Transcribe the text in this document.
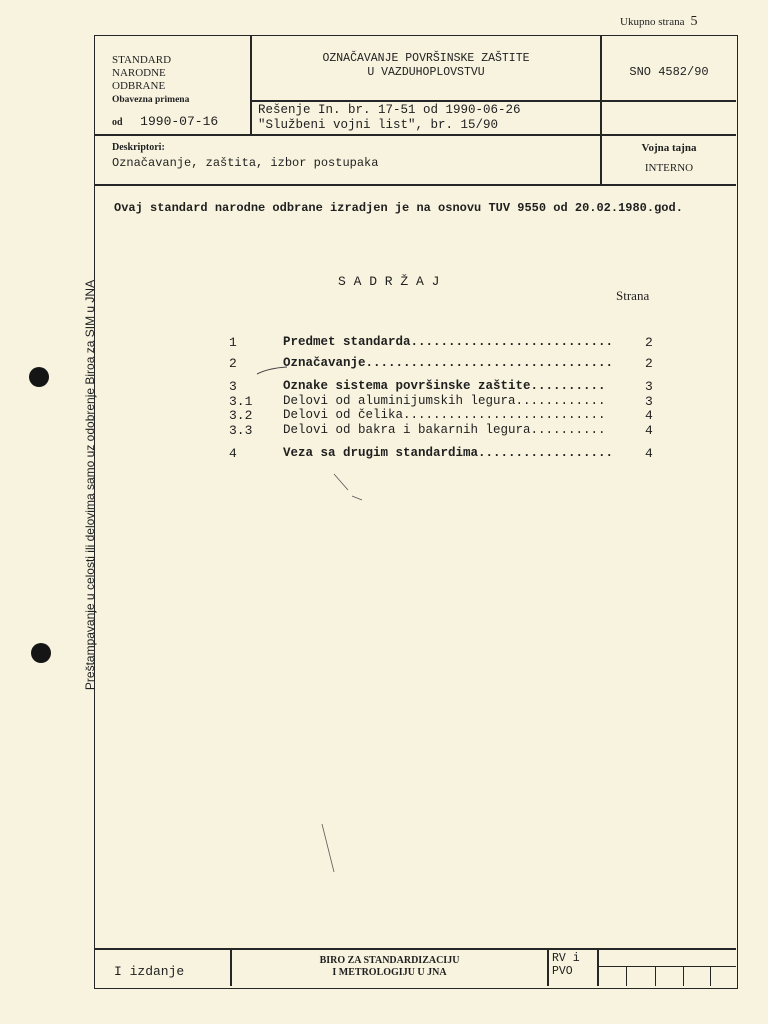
Ukupno strana 5
Preštampavanje u celosti ili delovima samo uz odobrenje Biroa za SIM u JNA
STANDARD
NARODNE
ODBRANE
Obavezna primena
od 1990-07-16
OZNAČAVANJE POVRŠINSKE ZAŠTITE
U VAZDUHOPLOVSTVU	SNO 4582/90
Rešenje In. br. 17-51 od 1990-06-26
"Službeni vojni list", br. 15/90
Deskriptori:
Označavanje, zaštita, izbor postupaka
Vojna tajna
INTERNO
Ovaj standard narodne odbrane izradjen je na osnovu TUV 9550 od 20.02.1980.god.
S A D R Ž A J
Strana
1	Predmet standarda........................... 2
2	Označavanje................................. 2
3	Oznake sistema površinske zaštite..........	3
3.1 Delovi od aluminijumskih legura............	3
3.2 Delovi od čelika...........................	4
3.3 Delovi od bakra i bakarnih legura..........	4
4	Veza sa drugim standardima.................. 4
I izdanje
BIRO ZA STANDARDIZACIJU
I METROLOGIJU U JNA
RV i
PVO
